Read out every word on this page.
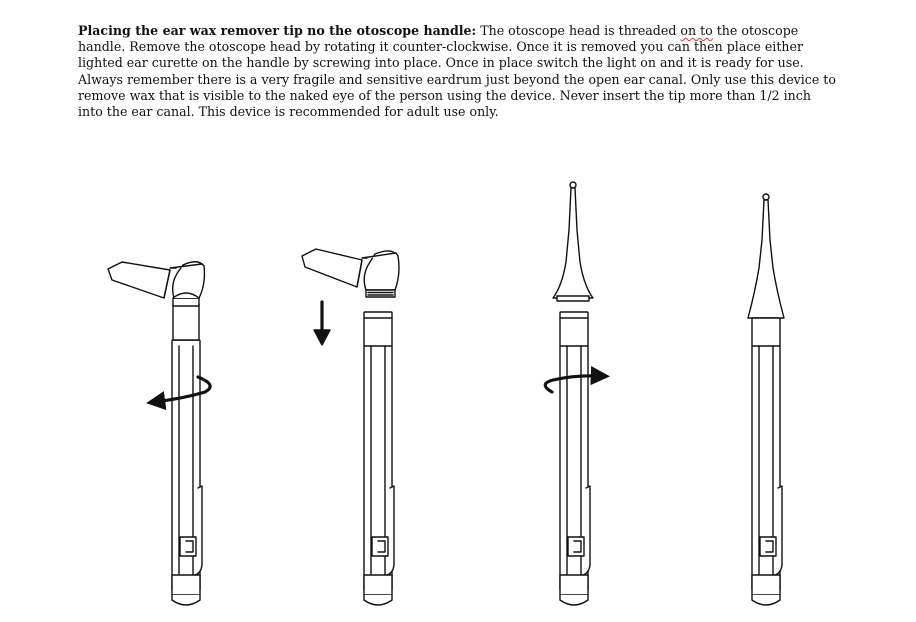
Placing the ear wax remover tip no the otoscope handle: The otoscope head is threaded on to the otoscope handle. Remove the otoscope head by rotating it counter-clockwise. Once it is removed you can then place either lighted ear curette on the handle by screwing into place. Once in place switch the light on and it is ready for use. Always remember there is a very fragile and sensitive eardrum just beyond the open ear canal. Only use this device to remove wax that is visible to the naked eye of the person using the device. Never insert the tip more than 1/2 inch into the ear canal. This device is recommended for adult use only.
